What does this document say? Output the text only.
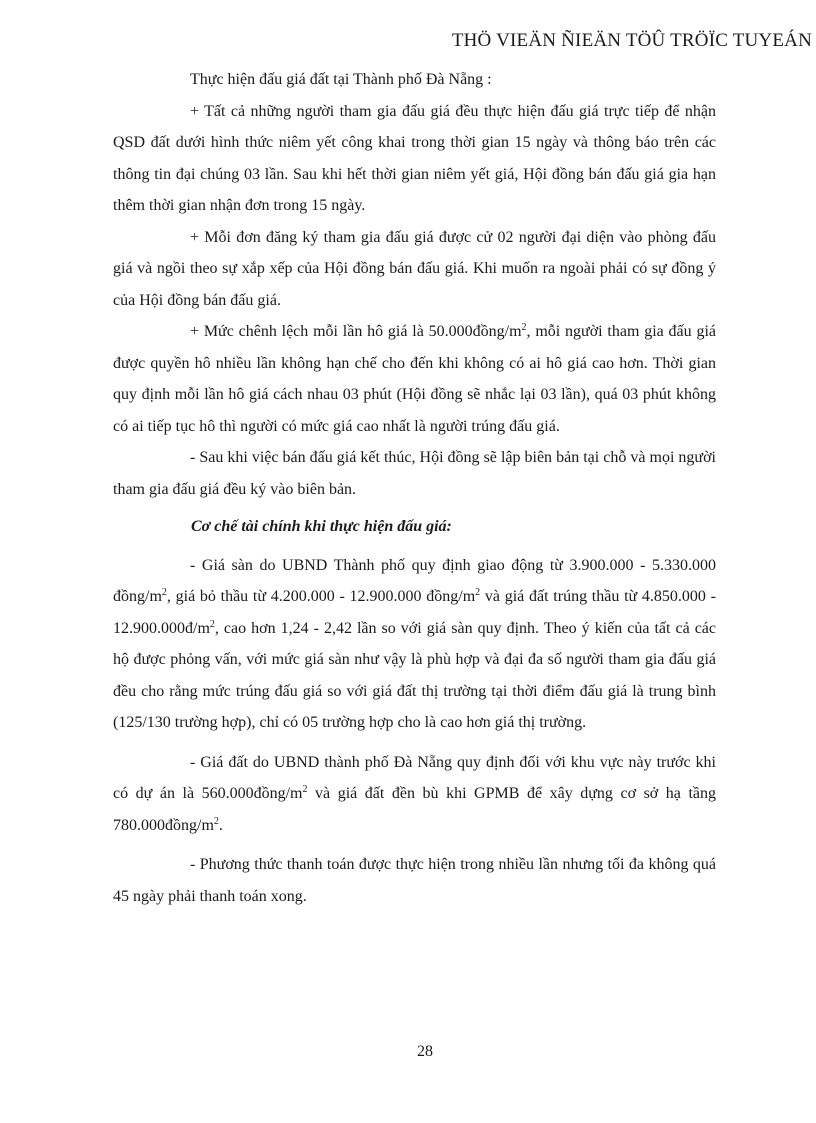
THÖ VIEÄN ÑIEÄN TÖÛ TRÖÏC TUYEÁN

Thực hiện đấu giá đất tại Thành phố Đà Nẵng :

+ Tất cả những người tham gia đấu giá đều thực hiện đấu giá trực tiếp để nhận QSD đất dưới hình thức niêm yết công khai trong thời gian 15 ngày và thông báo trên các thông tin đại chúng 03 lần. Sau khi hết thời gian niêm yết giá, Hội đồng bán đấu giá gia hạn thêm thời gian nhận đơn trong 15 ngày.

+ Mỗi đơn đăng ký tham gia đấu giá được cử 02 người đại diện vào phòng đấu giá và ngồi theo sự xắp xếp của Hội đồng bán đấu giá. Khi muốn ra ngoài phải có sự đồng ý của Hội đồng bán đấu giá.

+ Mức chênh lệch mỗi lần hô giá là $50.000đồng/m^2$, mỗi người tham gia đấu giá được quyền hô nhiều lần không hạn chế cho đến khi không có ai hô giá cao hơn. Thời gian quy định mỗi lần hô giá cách nhau 03 phút (Hội đồng sẽ nhắc lại 03 lần), quá 03 phút không có ai tiếp tục hô thì người có mức giá cao nhất là người trúng đấu giá.

- Sau khi việc bán đấu giá kết thúc, Hội đồng sẽ lập biên bản tại chỗ và mọi người tham gia đấu giá đều ký vào biên bản.

Cơ chế tài chính khi thực hiện đấu giá:

- Giá sàn do UBND Thành phố quy định giao động từ 3.900.000 - 5.330.000 đồng/$m^2$, giá bỏ thầu từ 4.200.000 - 12.900.000 đồng/$m^2$ và giá đất trúng thầu từ $4.850.000 - 12.900.000đ/m^2$, cao hơn 1,24 - 2,42 lần so với giá sàn quy định. Theo ý kiến của tất cả các hộ được phỏng vấn, với mức giá sàn như vậy là phù hợp và đại đa số người tham gia đấu giá đều cho rằng mức trúng đấu giá so với giá đất thị trường tại thời điểm đấu giá là trung bình (125/130 trường hợp), chỉ có 05 trường hợp cho là cao hơn giá thị trường.

- Giá đất do UBND thành phố Đà Nẵng quy định đối với khu vực này trước khi có dự án là $560.000đồng/m^2$ và giá đất đền bù khi GPMB để xây dựng cơ sở hạ tầng $780.000đồng/m^2$.

- Phương thức thanh toán được thực hiện trong nhiều lần nhưng tối đa không quá 45 ngày phải thanh toán xong.

28
